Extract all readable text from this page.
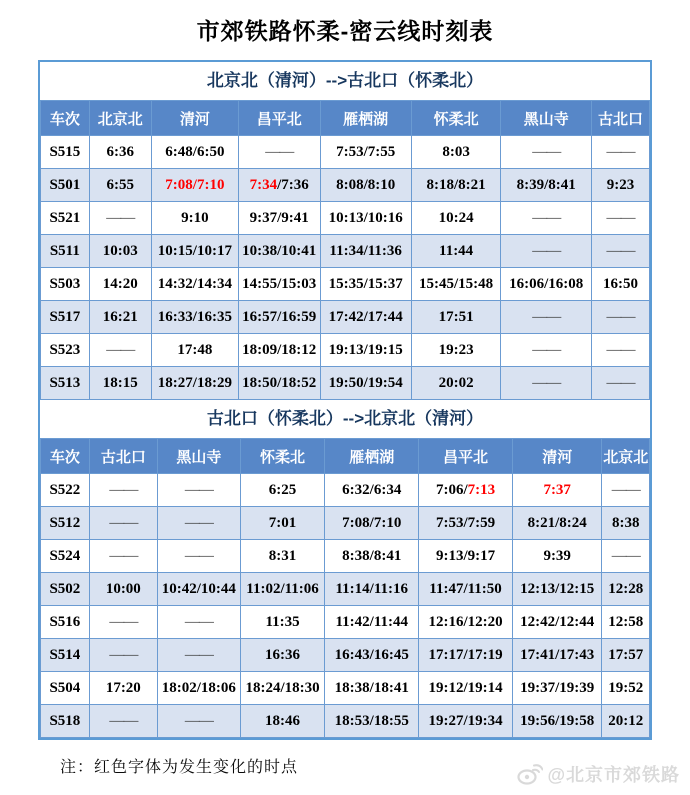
市郊铁路怀柔-密云线时刻表
北京北（清河）-->古北口（怀柔北）
车次	北京北	清河	昌平北	雁栖湖	怀柔北	黑山寺	古北口
S515	6:36	6:48/6:50	——	7:53/7:55	8:03	——	——
S501	6:55	7:08/7:10	7:34/7:36	8:08/8:10	8:18/8:21	8:39/8:41	9:23
S521	——	9:10	9:37/9:41	10:13/10:16	10:24	——	——
S511	10:03	10:15/10:17	10:38/10:41	11:34/11:36	11:44	——	——
S503	14:20	14:32/14:34	14:55/15:03	15:35/15:37	15:45/15:48	16:06/16:08	16:50
S517	16:21	16:33/16:35	16:57/16:59	17:42/17:44	17:51	——	——
S523	——	17:48	18:09/18:12	19:13/19:15	19:23	——	——
S513	18:15	18:27/18:29	18:50/18:52	19:50/19:54	20:02	——	——
古北口（怀柔北）-->北京北（清河）
车次	古北口	黑山寺	怀柔北	雁栖湖	昌平北	清河	北京北
S522	——	——	6:25	6:32/6:34	7:06/7:13	7:37	——
S512	——	——	7:01	7:08/7:10	7:53/7:59	8:21/8:24	8:38
S524	——	——	8:31	8:38/8:41	9:13/9:17	9:39	——
S502	10:00	10:42/10:44	11:02/11:06	11:14/11:16	11:47/11:50	12:13/12:15	12:28
S516	——	——	11:35	11:42/11:44	12:16/12:20	12:42/12:44	12:58
S514	——	——	16:36	16:43/16:45	17:17/17:19	17:41/17:43	17:57
S504	17:20	18:02/18:06	18:24/18:30	18:38/18:41	19:12/19:14	19:37/19:39	19:52
S518	——	——	18:46	18:53/18:55	19:27/19:34	19:56/19:58	20:12
注：红色字体为发生变化的时点	@北京市郊铁路
